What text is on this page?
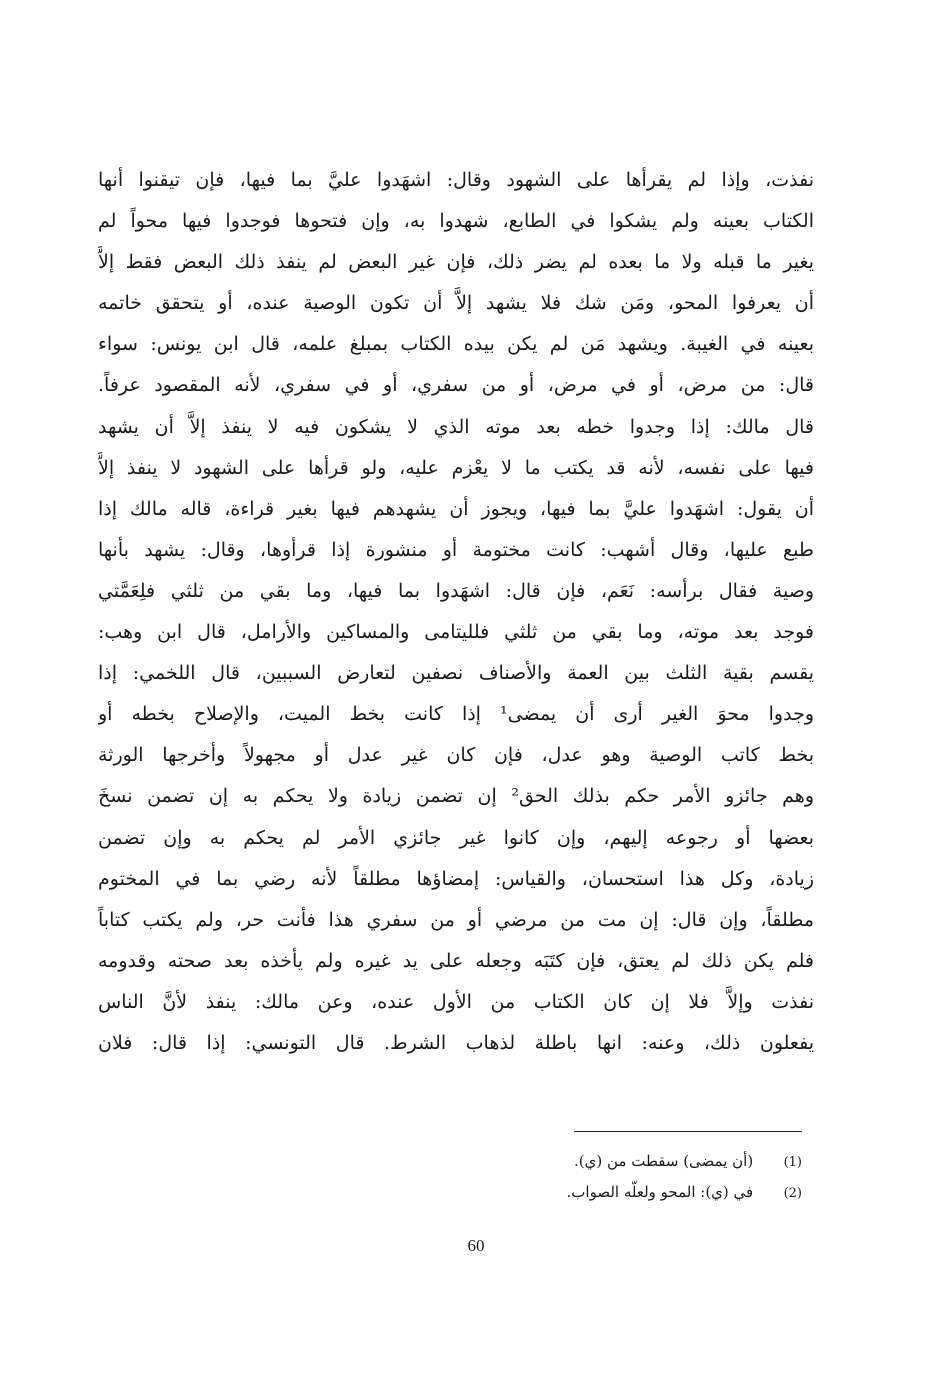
نفذت، وإذا لم يقرأها على الشهود وقال: اشهَدوا عليَّ بما فيها، فإن تيقنوا أنها
الكتاب بعينه ولم يشكوا في الطابع، شهدوا به، وإن فتحوها فوجدوا فيها محواً لم
يغير ما قبله ولا ما بعده لم يضر ذلك، فإن غير البعض لم ينفذ ذلك البعض فقط إلاَّ
أن يعرفوا المحو، ومَن شك فلا يشهد إلاَّ أن تكون الوصية عنده، أو يتحقق خاتمه
بعينه في الغيبة. ويشهد مَن لم يكن بيده الكتاب بمبلغ علمه، قال ابن يونس: سواء
قال: من مرض، أو في مرض، أو من سفري، أو في سفري، لأنه المقصود عرفاً.
قال مالك: إذا وجدوا خطه بعد موته الذي لا يشكون فيه لا ينفذ إلاَّ أن يشهد
فيها على نفسه، لأنه قد يكتب ما لا يعْزم عليه، ولو قرأها على الشهود لا ينفذ إلاَّ
أن يقول: اشهَدوا عليَّ بما فيها، ويجوز أن يشهدهم فيها بغير قراءة، قاله مالك إذا
طبع عليها، وقال أشهب: كانت مختومة أو منشورة إذا قرأوها، وقال: يشهد بأنها
وصية فقال برأسه: نَعَم، فإن قال: اشهَدوا بما فيها، وما بقي من ثلثي فلِعَمَّتي
فوجد بعد موته، وما بقي من ثلثي فلليتامى والمساكين والأرامل، قال ابن وهب:
يقسم بقية الثلث بين العمة والأصناف نصفين لتعارض السببين، قال اللخمي: إذا
وجدوا محوَ الغير أرى أن يمضى¹ إذا كانت بخط الميت، والإصلاح بخطه أو
بخط كاتب الوصية وهو عدل، فإن كان غير عدل أو مجهولاً وأخرجها الورثة
وهم جائزو الأمر حكم بذلك الحق² إن تضمن زيادة ولا يحكم به إن تضمن نسخَ
بعضها أو رجوعه إليهم، وإن كانوا غير جائزي الأمر لم يحكم به وإن تضمن
زيادة، وكل هذا استحسان، والقياس: إمضاؤها مطلقاً لأنه رضي بما في المختوم
مطلقاً، وإن قال: إن مت من مرضي أو من سفري هذا فأنت حر، ولم يكتب كتاباً
فلم يكن ذلك لم يعتق، فإن كتَبَه وجعله على يد غيره ولم يأخذه بعد صحته وقدومه
نفذت وإلاَّ فلا إن كان الكتاب من الأول عنده، وعن مالك: ينفذ لأنَّ الناس
يفعلون ذلك، وعنه: انها باطلة لذهاب الشرط. قال التونسي: إذا قال: فلان
(1) (أن يمضى) سقطت من (ي).
(2) في (ي): المحو ولعلّه الصواب.
60
